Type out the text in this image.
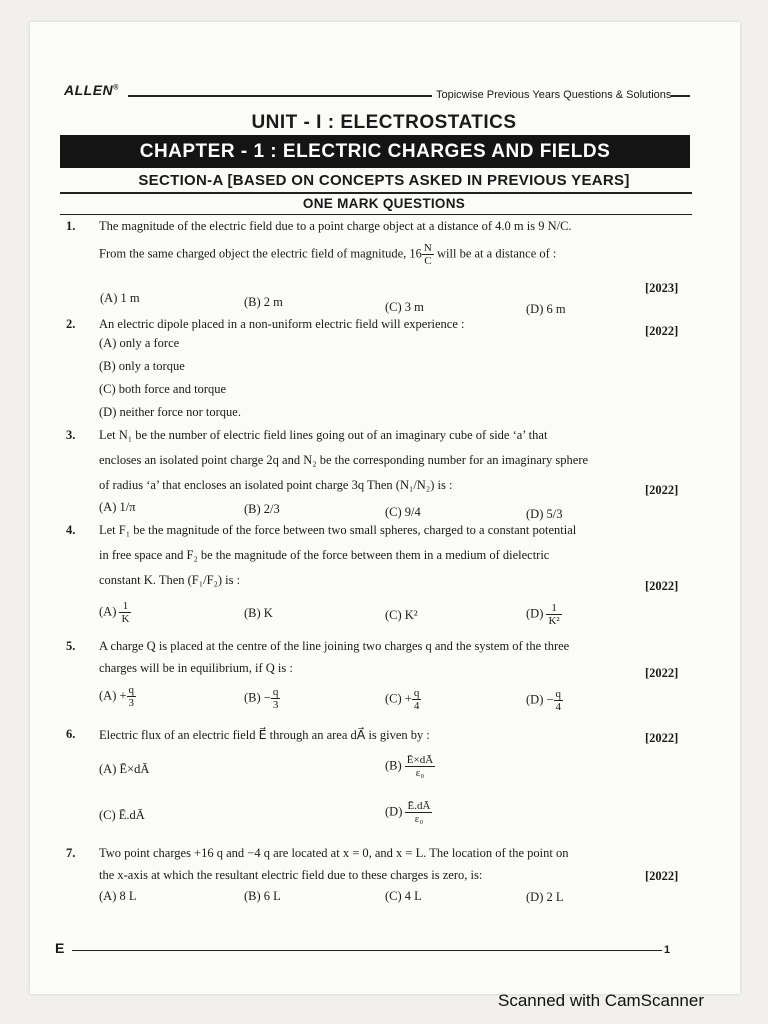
ALLEN®
Topicwise Previous Years Questions & Solutions
UNIT - I : ELECTROSTATICS
CHAPTER - 1 : ELECTRIC CHARGES AND FIELDS
SECTION-A [BASED ON CONCEPTS ASKED IN PREVIOUS YEARS]
ONE MARK QUESTIONS
1. The magnitude of the electric field due to a point charge object at a distance of 4.0 m is 9 N/C.
From the same charged object the electric field of magnitude, $16 \frac{N}{C}$ will be at a distance of :
[2023]
(A) 1 m	(B) 2 m	(C) 3 m	(D) 6 m
2. An electric dipole placed in a non-uniform electric field will experience :	[2022]
(A) only a force
(B) only a torque
(C) both force and torque
(D) neither force nor torque.
3. Let N₁ be the number of electric field lines going out of an imaginary cube of side ‘a’ that
encloses an isolated point charge 2q and N₂ be the corresponding number for an imaginary sphere
of radius ‘a’ that encloses an isolated point charge 3q Then (N₁/N₂) is :	[2022]
(A) 1/π	(B) 2/3	(C) 9/4	(D) 5/3
4. Let F₁ be the magnitude of the force between two small spheres, charged to a constant potential
in free space and F₂ be the magnitude of the force between them in a medium of dielectric
constant K. Then (F₁/F₂) is :	[2022]
$(A) \frac{1}{K}$	(B) K	(C) K²	$(D) \frac{1}{\text{K²}}$
5. A charge Q is placed at the centre of the line joining two charges q and the system of the three
charges will be in equilibrium, if Q is :	[2022]
$(A) + \frac{q}{3}$	$(B) - \frac{q}{3}$	$(C) + \frac{q}{4}$	$(D) - \frac{q}{4}$
6. Electric flux of an electric field E⃗ through an area dA⃗ is given by :	[2022]
(A) Ē×dĀ	$(B) \frac{Ē\times dĀ}{\text{ε₀}}$
(C) Ē.dĀ	$(D) \frac{Ē.dĀ}{\text{ε₀}}$
7. Two point charges +16 q and −4 q are located at x = 0, and x = L. The location of the point on
the x-axis at which the resultant electric field due to these charges is zero, is:	[2022]
(A) 8 L	(B) 6 L	(C) 4 L	(D) 2 L
E	1
Scanned with CamScanner
